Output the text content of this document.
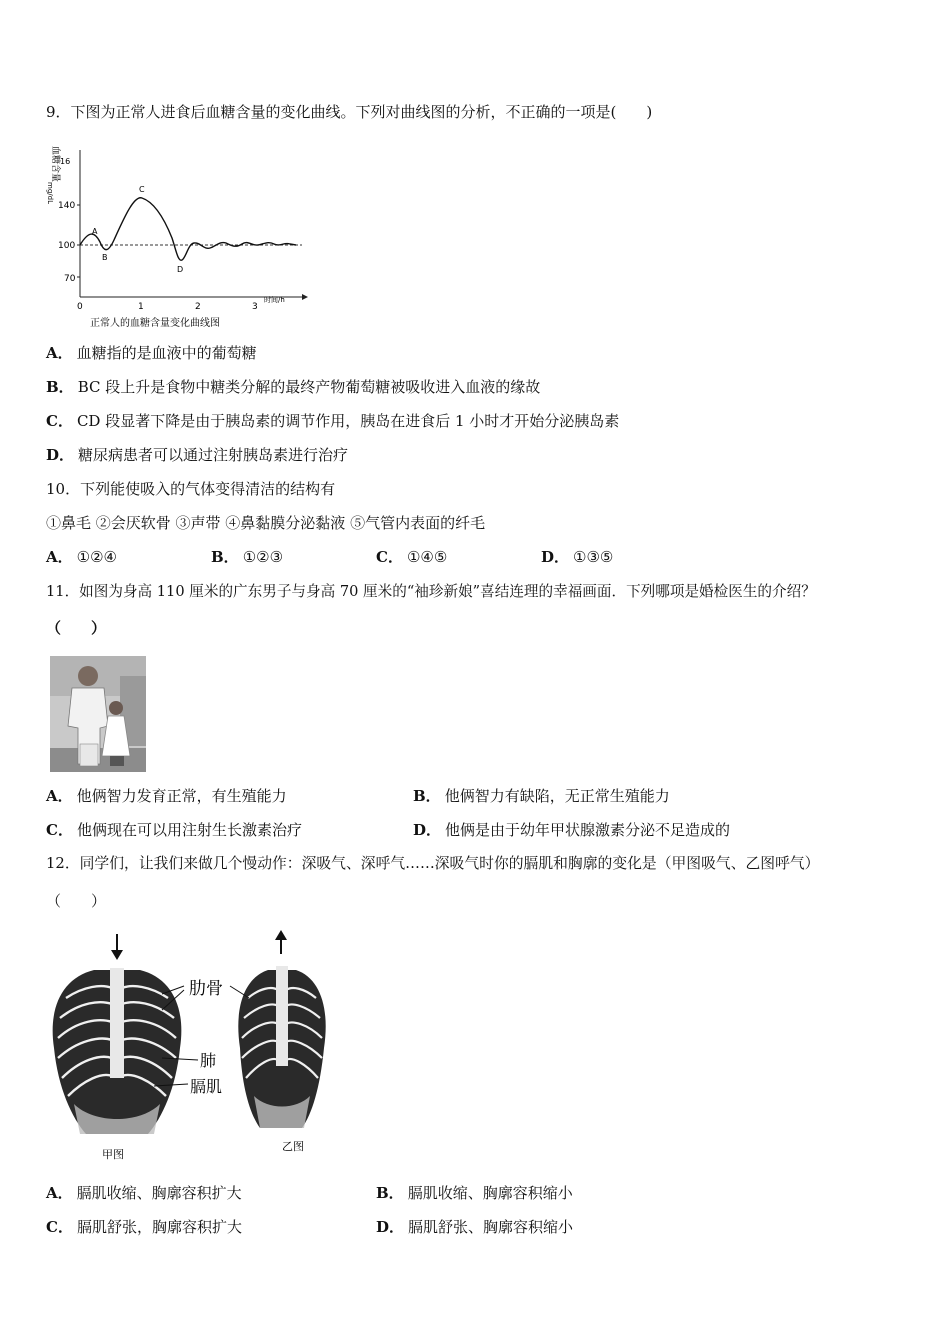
9．下图为正常人进食后血糖含量的变化曲线。下列对曲线图的分析，不正确的一项是(　　)
血糖含量
mg/dL
16
140
100
70
0	1	2	3
时间/h
A
B
C
D
正常人的血糖含量变化曲线图
A． 血糖指的是血液中的葡萄糖
B． BC 段上升是食物中糖类分解的最终产物葡萄糖被吸收进入血液的缘故
C． CD 段显著下降是由于胰岛素的调节作用，胰岛在进食后 1 小时才开始分泌胰岛素
D． 糖尿病患者可以通过注射胰岛素进行治疗
10．下列能使吸入的气体变得清洁的结构有
①鼻毛 ②会厌软骨 ③声带 ④鼻黏膜分泌黏液 ⑤气管内表面的纤毛
A． ①②④	B． ①②③	C． ①④⑤	D． ①③⑤
11．如图为身高 110 厘米的广东男子与身高 70 厘米的“袖珍新娘”喜结连理的幸福画面．下列哪项是婚检医生的介绍？
（　　）
A． 他俩智力发育正常，有生殖能力	B． 他俩智力有缺陷，无正常生殖能力
C． 他俩现在可以用注射生长激素治疗	D． 他俩是由于幼年甲状腺激素分泌不足造成的
12．同学们，让我们来做几个慢动作：深吸气、深呼气……深吸气时你的膈肌和胸廓的变化是（甲图吸气、乙图呼气）
（　　）
肋骨
肺
膈肌
甲图
乙图
A． 膈肌收缩、胸廓容积扩大	B． 膈肌收缩、胸廓容积缩小
C． 膈肌舒张，胸廓容积扩大	D． 膈肌舒张、胸廓容积缩小
